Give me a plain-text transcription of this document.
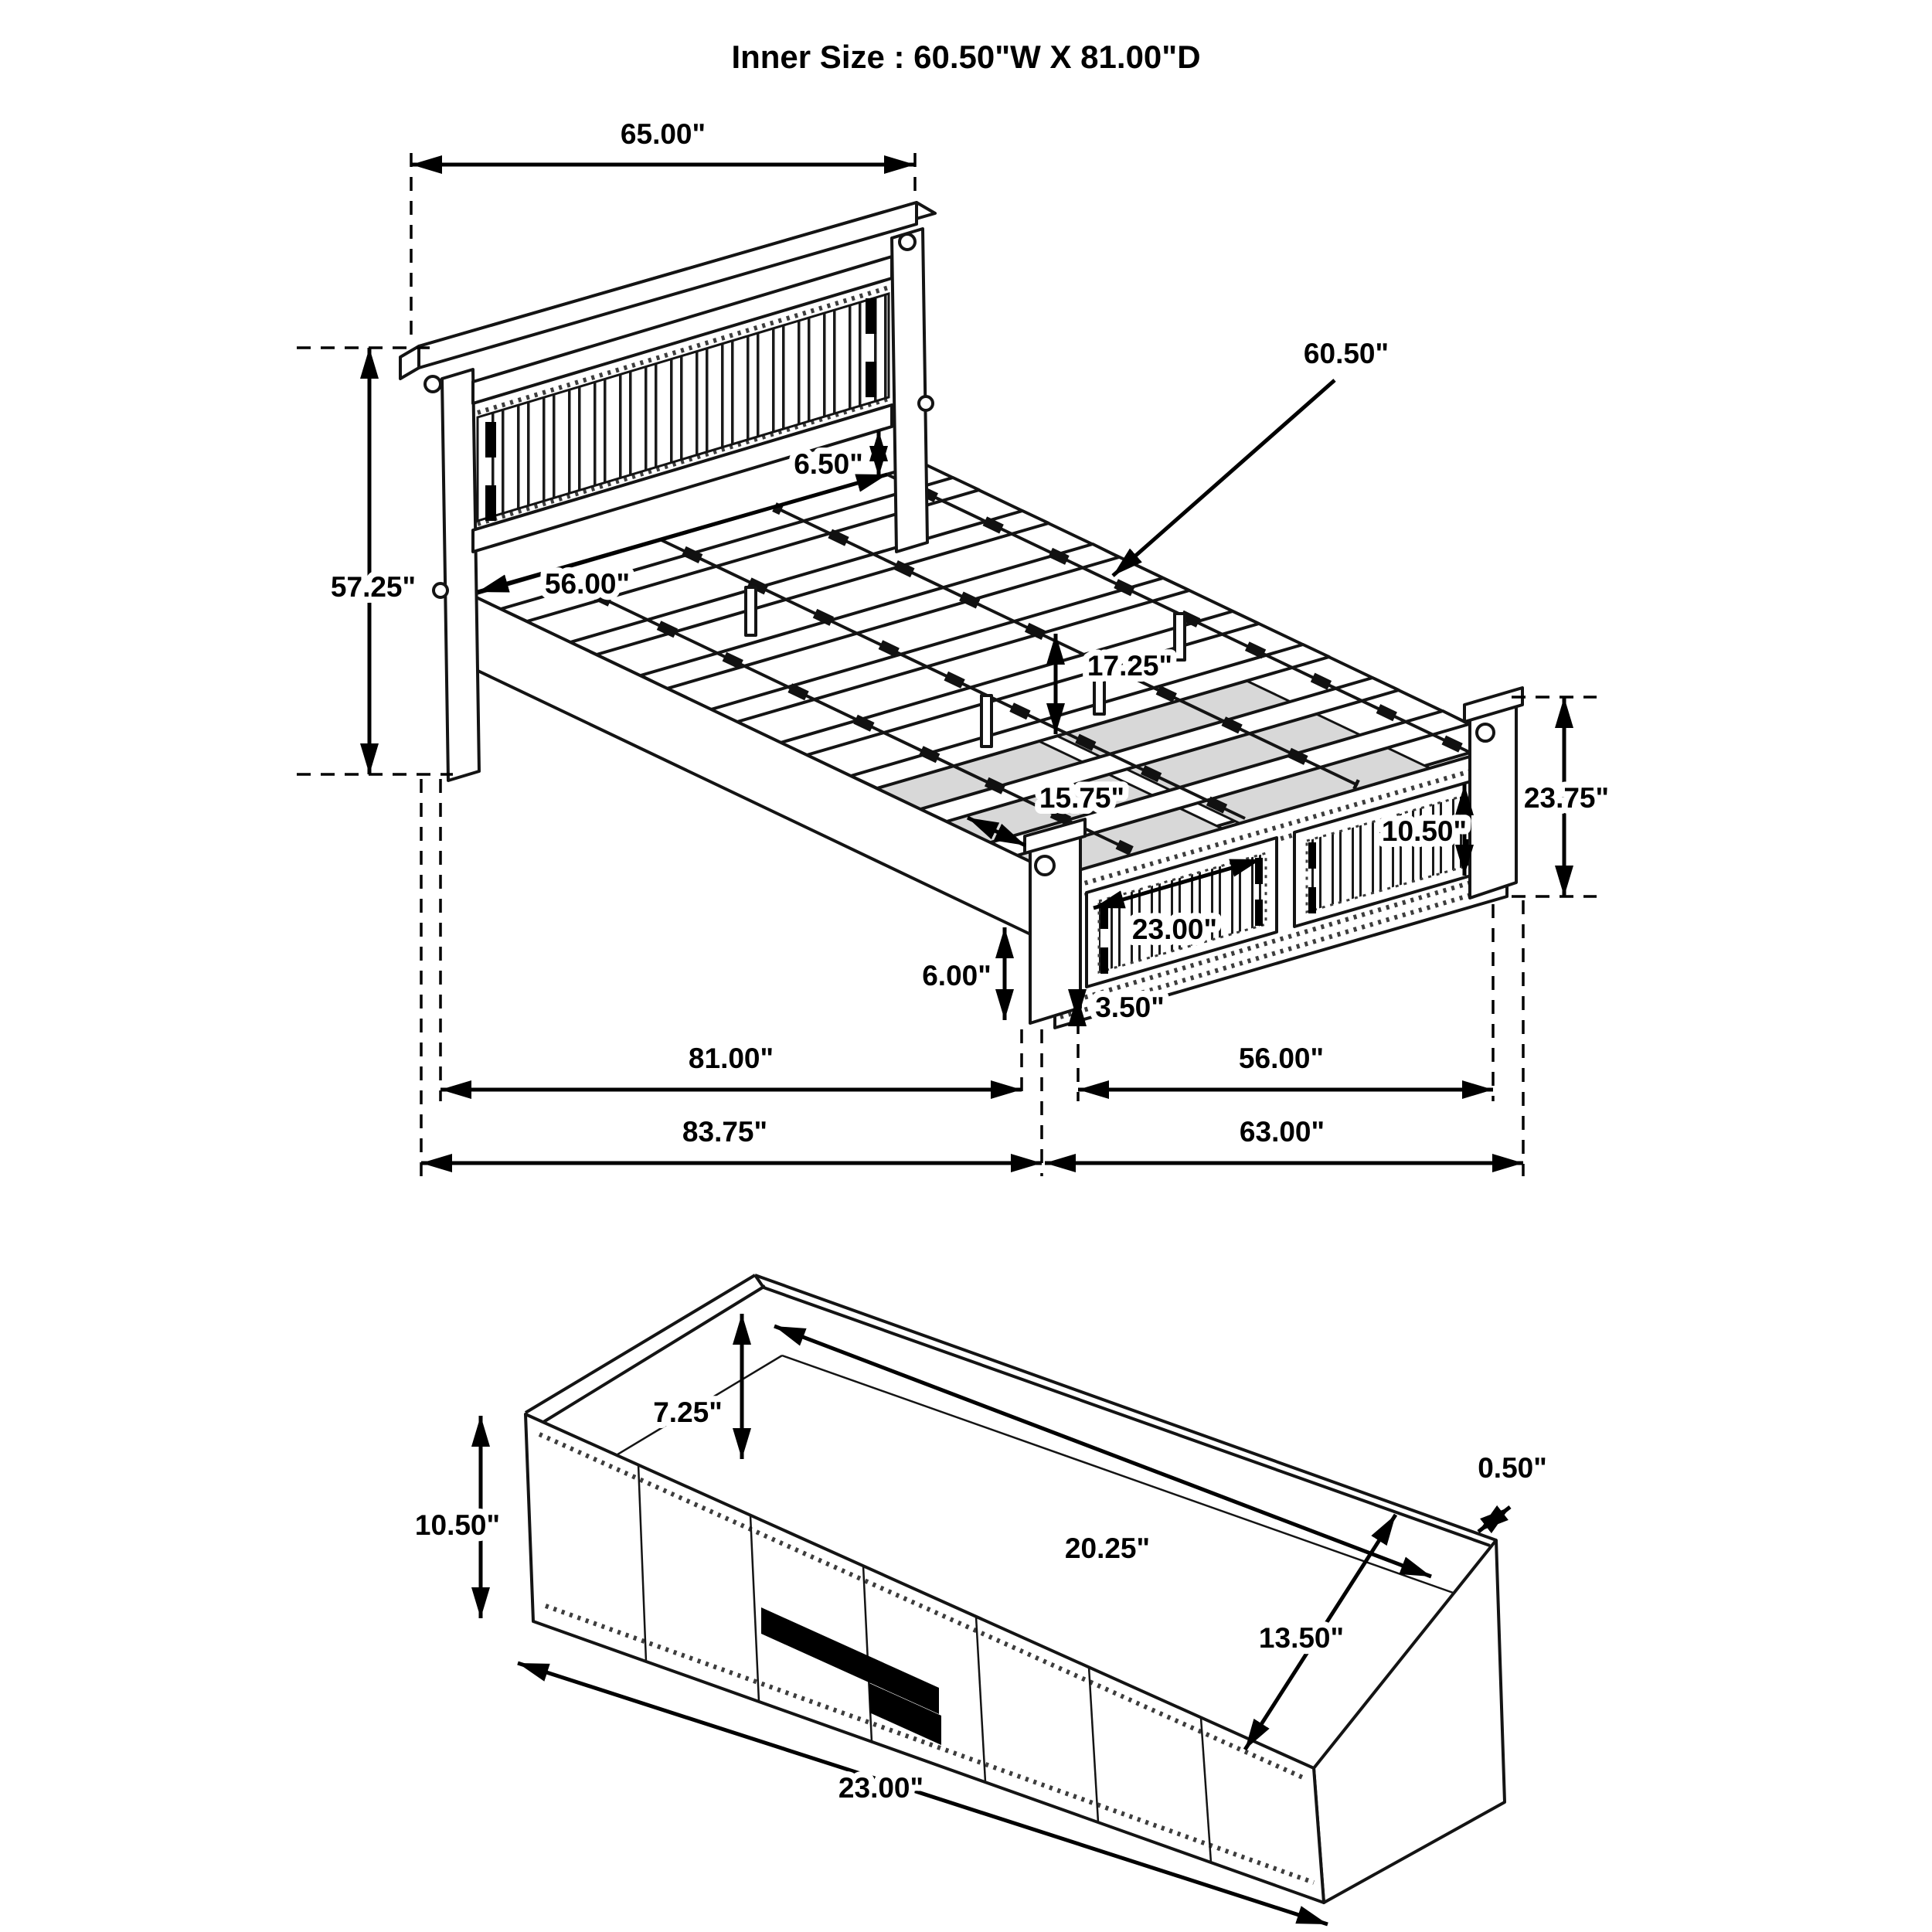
Inner Size : 60.50"W X 81.00"D
65.00"
57.25"
6.50"
56.00"
60.50"
17.25"
15.75"
23.00"
10.50"
23.75"
6.00"
3.50"
81.00"	56.00"
83.75"	63.00"
10.50"
7.25"
20.25"
0.50"
13.50"
23.00"
